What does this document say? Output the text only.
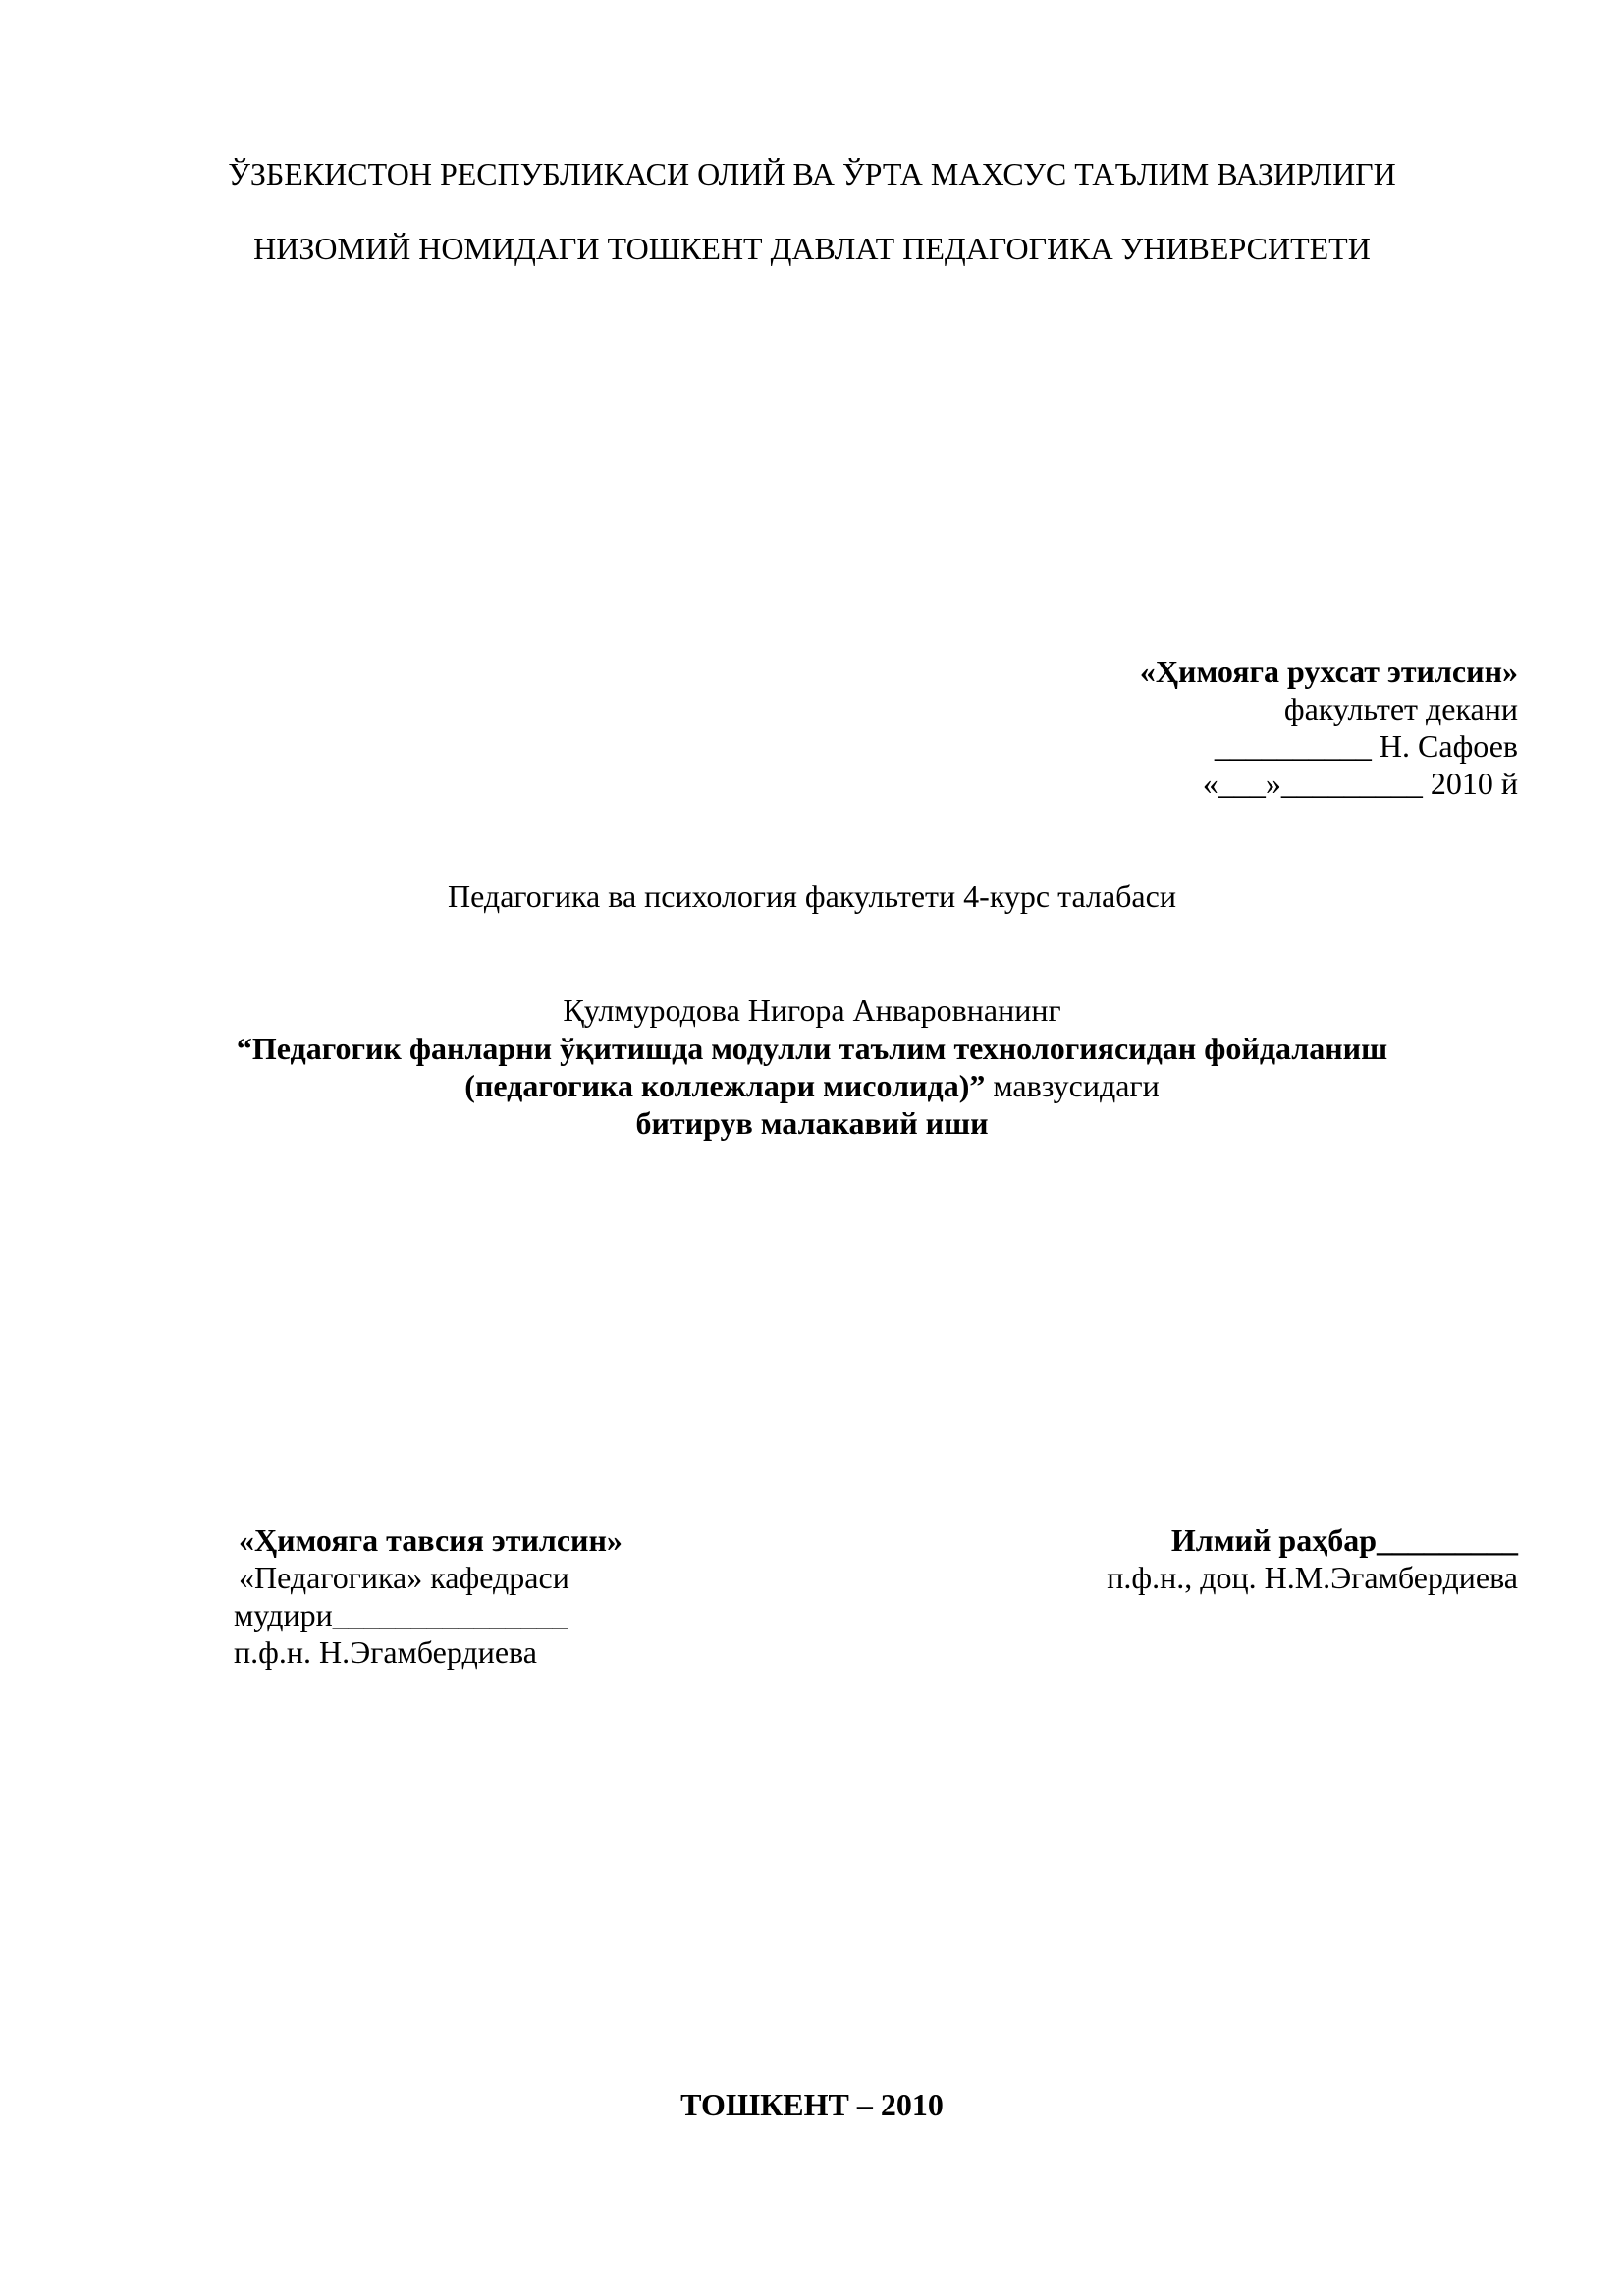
ЎЗБЕКИСТОН РЕСПУБЛИКАСИ ОЛИЙ ВА ЎРТА МАХСУС ТАЪЛИМ ВАЗИРЛИГИ
НИЗОМИЙ НОМИДАГИ ТОШКЕНТ ДАВЛАТ ПЕДАГОГИКА УНИВЕРСИТЕТИ
«Ҳимояга рухсат этилсин»
факультет декани
__________ Н. Сафоев
«___»_________ 2010 й
Педагогика ва психология факультети 4-курс талабаси
Қулмуродова Нигора Анваровнанинг
“Педагогик фанларни ўқитишда модулли таълим технологиясидан фойдаланиш
(педагогика коллежлари мисолида)” мавзусидаги
битирув малакавий иши
«Ҳимояга тавсия этилсин»
«Педагогика» кафедраси
мудири_______________
п.ф.н. Н.Эгамбердиева
Илмий раҳбар_________
п.ф.н., доц. Н.М.Эгамбердиева
ТОШКЕНТ – 2010
